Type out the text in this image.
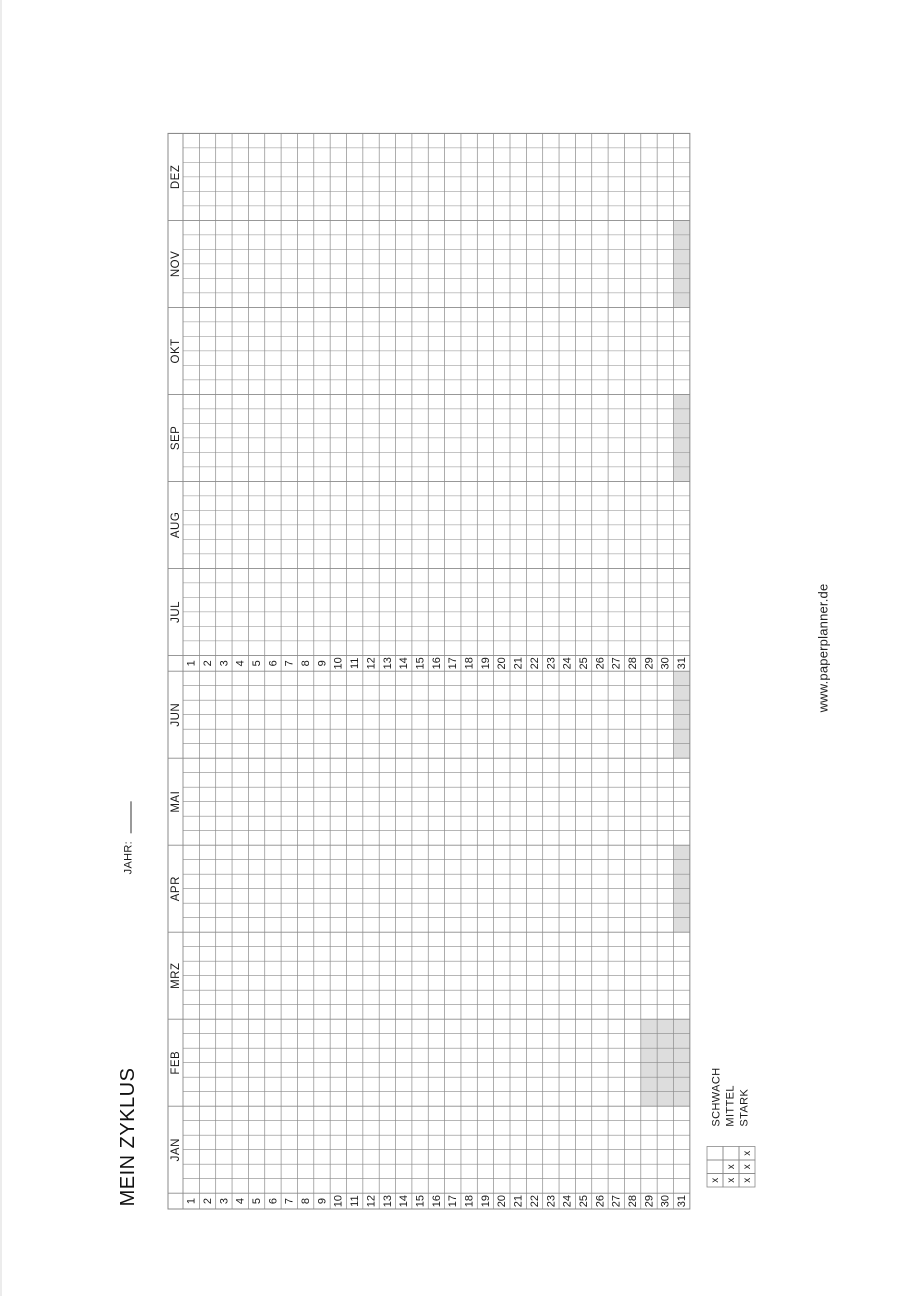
MEIN ZYKLUS
JAHR:
www.paperplanner.de
SCHWACH MITTEL STARK
x x
x
x
x
x
1 2 3 4 5 6 7 8 9 10 11 12 13 14 15 16 17 18 19 20 21 22 23 24 25 26 27 28 29 30 31
JAN
FEB
MRZ
APR
MAI
JUN
1 2 3 4 5 6 7 8 9 10 11 12 13 14 15 16 17 18 19 20 21 22 23 24 25 26 27 28 29 30 31
JUL
AUG
SEP
OKT
NOV
DEZ
